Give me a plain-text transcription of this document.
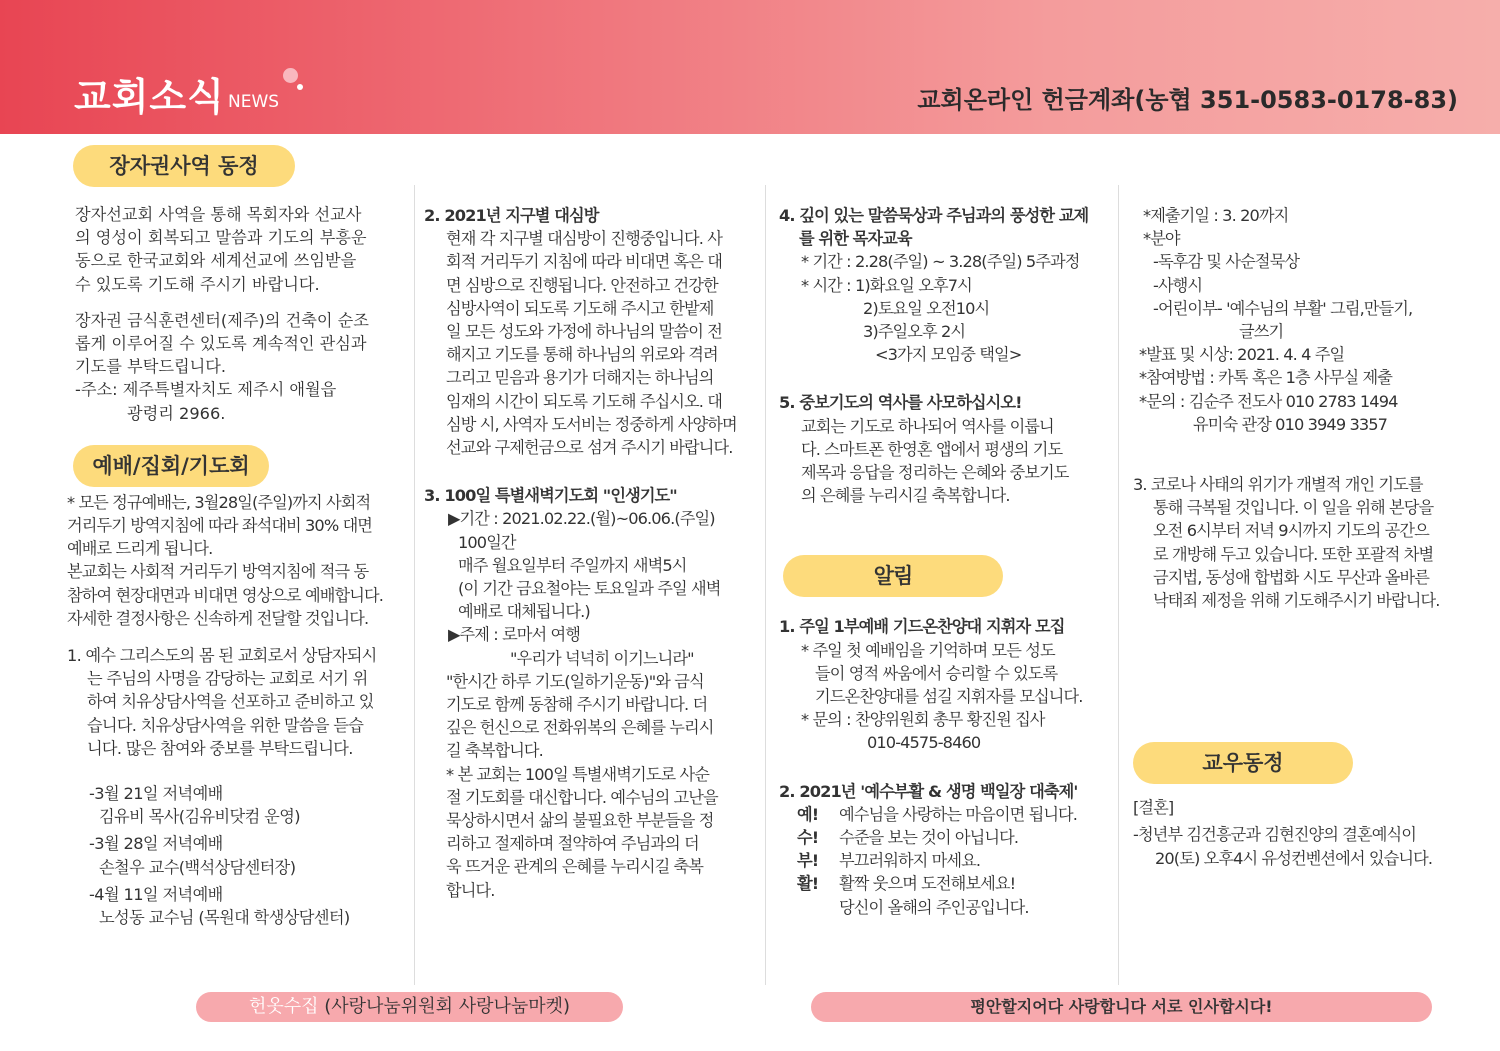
교회소식 NEWS	교회온라인 헌금계좌(농협 351-0583-0178-83)
장자권사역 동정

장자선교회 사역을 통해 목회자와 선교사

의 영성이 회복되고 말씀과 기도의 부흥운

동으로 한국교회와 세계선교에 쓰임받을

수 있도록 기도해 주시기 바랍니다.

장자권 금식훈련센터(제주)의 건축이 순조

롭게 이루어질 수 있도록 계속적인 관심과

기도를 부탁드립니다.

-주소: 제주특별자치도 제주시 애월읍

광령리 2966.

예배/집회/기도회

* 모든 정규예배는, 3월28일(주일)까지 사회적

거리두기 방역지침에 따라 좌석대비 30% 대면

예배로 드리게 됩니다.

본교회는 사회적 거리두기 방역지침에 적극 동

참하여 현장대면과 비대면 영상으로 예배합니다.

자세한 결정사항은 신속하게 전달할 것입니다.

1. 예수 그리스도의 몸 된 교회로서 상담자되시

는 주님의 사명을 감당하는 교회로 서기 위

하여 치유상담사역을 선포하고 준비하고 있

습니다. 치유상담사역을 위한 말씀을 듣습

니다. 많은 참여와 중보를 부탁드립니다.

-3월 21일 저녁예배

김유비 목사(김유비닷컴 운영)

-3월 28일 저녁예배

손철우 교수(백석상담센터장)

-4월 11일 저녁예배

노성동 교수님 (목원대 학생상담센터)

2. 2021년 지구별 대심방

현재 각 지구별 대심방이 진행중입니다. 사

회적 거리두기 지침에 따라 비대면 혹은 대

면 심방으로 진행됩니다. 안전하고 건강한

심방사역이 되도록 기도해 주시고 한밭제

일 모든 성도와 가정에 하나님의 말씀이 전

해지고 기도를 통해 하나님의 위로와 격려

그리고 믿음과 용기가 더해지는 하나님의

임재의 시간이 되도록 기도해 주십시오. 대

심방 시, 사역자 도서비는 정중하게 사양하며

선교와 구제헌금으로 섬겨 주시기 바랍니다.

3. 100일 특별새벽기도회 "인생기도"

▶기간 : 2021.02.22.(월)~06.06.(주일)

100일간

매주 월요일부터 주일까지 새벽5시

(이 기간 금요철야는 토요일과 주일 새벽

예배로 대체됩니다.)

▶주제 : 로마서 여행

"우리가 넉넉히 이기느니라"

"한시간 하루 기도(일하기운동)"와 금식

기도로 함께 동참해 주시기 바랍니다. 더

깊은 헌신으로 전화위복의 은혜를 누리시

길 축복합니다.

* 본 교회는 100일 특별새벽기도로 사순

절 기도회를 대신합니다. 예수님의 고난을

묵상하시면서 삶의 불필요한 부분들을 정

리하고 절제하며 절약하여 주님과의 더

욱 뜨거운 관계의 은혜를 누리시길 축복

합니다.

4. 깊이 있는 말씀묵상과 주님과의 풍성한 교제

를 위한 목자교육

* 기간 : 2.28(주일) ~ 3.28(주일) 5주과정

* 시간 : 1)화요일 오후7시

2)토요일 오전10시

3)주일오후 2시

<3가지 모임중 택일>

5. 중보기도의 역사를 사모하십시오!

교회는 기도로 하나되어 역사를 이룹니

다. 스마트폰 한영혼 앱에서 평생의 기도

제목과 응답을 정리하는 은혜와 중보기도

의 은혜를 누리시길 축복합니다.

알림

1. 주일 1부예배 기드온찬양대 지휘자 모집

* 주일 첫 예배임을 기억하며 모든 성도

들이 영적 싸움에서 승리할 수 있도록

기드온찬양대를 섬길 지휘자를 모십니다.

* 문의 : 찬양위원회 총무 황진원 집사

010-4575-8460

2. 2021년 '예수부활 & 생명 백일장 대축제'

예! 예수님을 사랑하는 마음이면 됩니다.

수! 수준을 보는 것이 아닙니다.

부! 부끄러워하지 마세요.

활! 활짝 웃으며 도전해보세요!

당신이 올해의 주인공입니다.

*제출기일 : 3. 20까지

*분야

-독후감 및 사순절묵상

-사행시

-어린이부- '예수님의 부활' 그림,만들기,

글쓰기

*발표 및 시상: 2021. 4. 4 주일

*참여방법 : 카톡 혹은 1층 사무실 제출

*문의 : 김순주 전도사 010 2783 1494

유미숙 관장 010 3949 3357

3. 코로나 사태의 위기가 개별적 개인 기도를

통해 극복될 것입니다. 이 일을 위해 본당을

오전 6시부터 저녁 9시까지 기도의 공간으

로 개방해 두고 있습니다. 또한 포괄적 차별

금지법, 동성애 합법화 시도 무산과 올바른

낙태죄 제정을 위해 기도해주시기 바랍니다.

교우동정

[결혼]

-청년부 김건흥군과 김현진양의 결혼예식이

20(토) 오후4시 유성컨벤션에서 있습니다.

헌옷수집 (사랑나눔위원회 사랑나눔마켓)	평안할지어다 사랑합니다 서로 인사합시다!
